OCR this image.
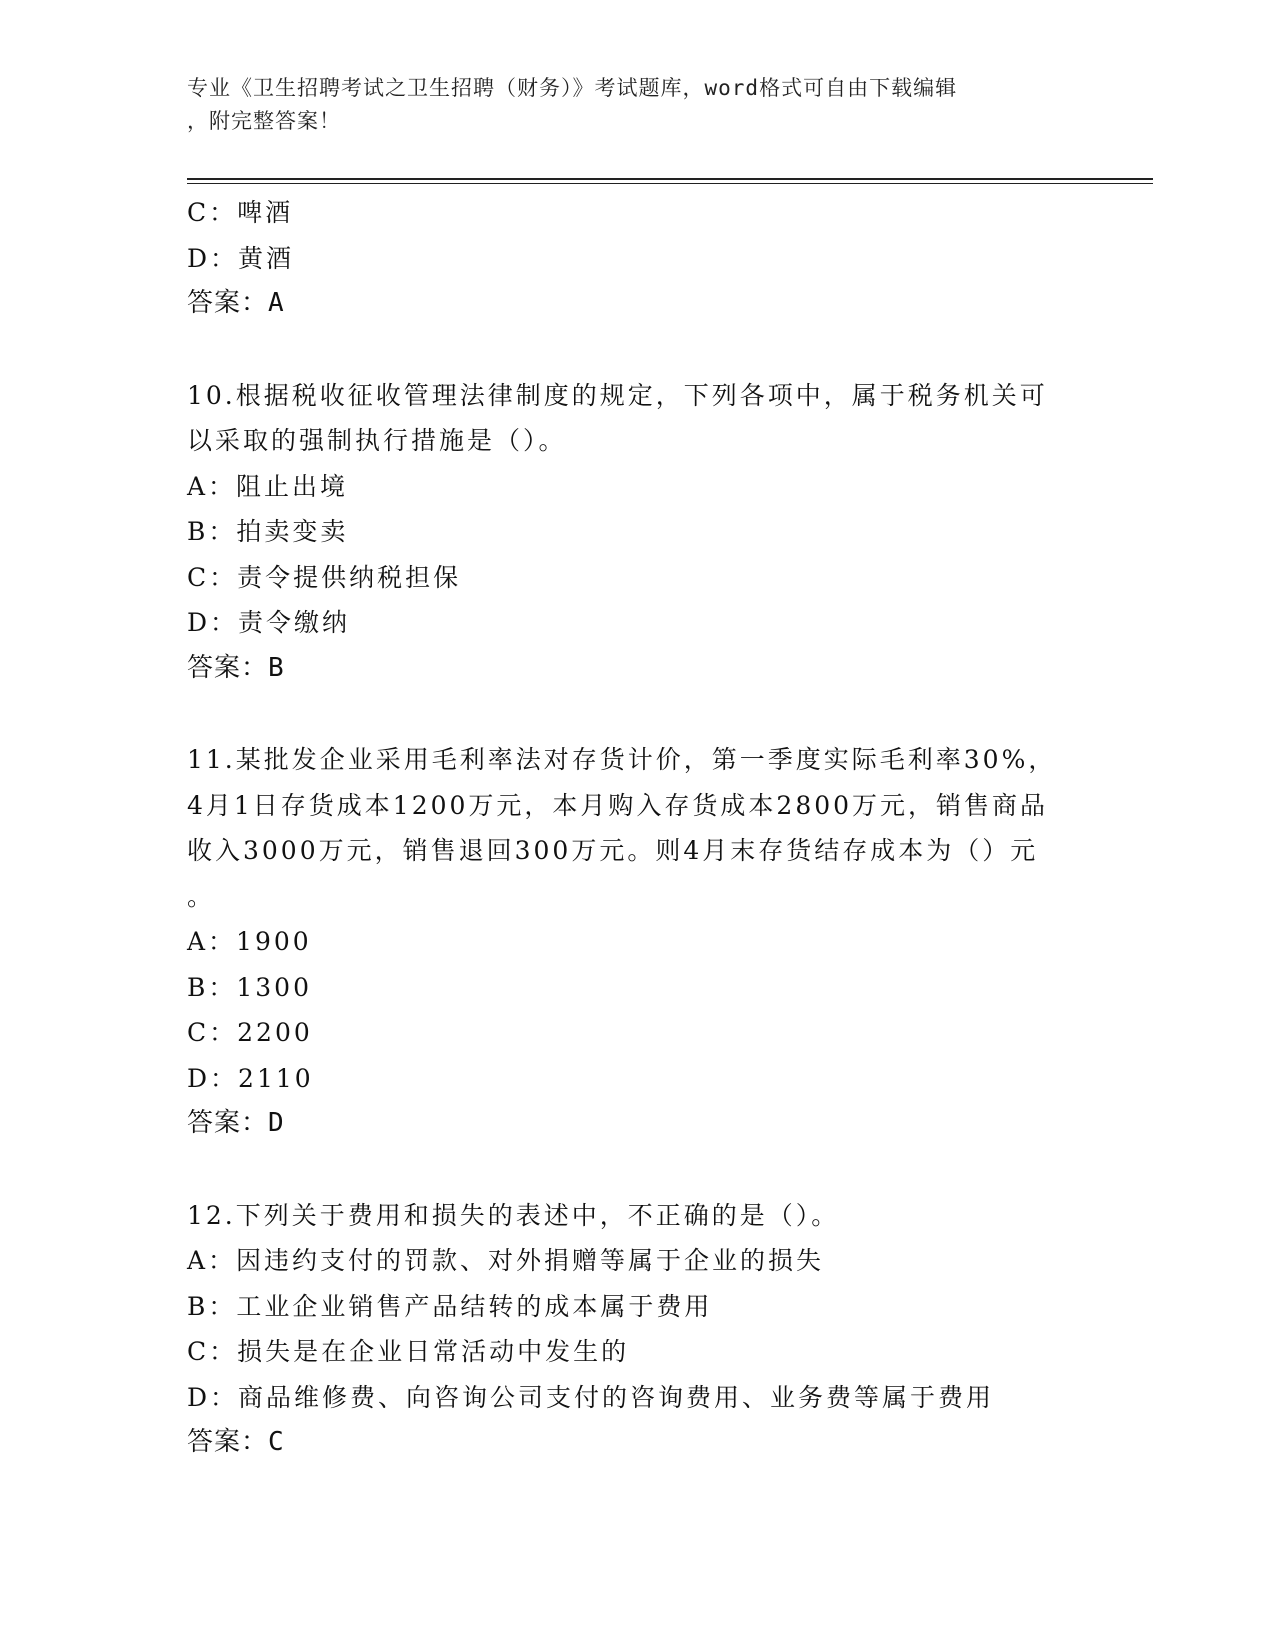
专业《卫生招聘考试之卫生招聘（财务）》考试题库，word格式可自由下载编辑
，附完整答案！
C：啤酒
D：黄酒
答案：A
10.根据税收征收管理法律制度的规定，下列各项中，属于税务机关可
以采取的强制执行措施是（）。
A：阻止出境
B：拍卖变卖
C：责令提供纳税担保
D：责令缴纳
答案：B
11.某批发企业采用毛利率法对存货计价，第一季度实际毛利率30%，
4月1日存货成本1200万元，本月购入存货成本2800万元，销售商品
收入3000万元，销售退回300万元。则4月末存货结存成本为（）元
。
A：1900
B：1300
C：2200
D：2110
答案：D
12.下列关于费用和损失的表述中，不正确的是（）。
A：因违约支付的罚款、对外捐赠等属于企业的损失
B：工业企业销售产品结转的成本属于费用
C：损失是在企业日常活动中发生的
D：商品维修费、向咨询公司支付的咨询费用、业务费等属于费用
答案：C
